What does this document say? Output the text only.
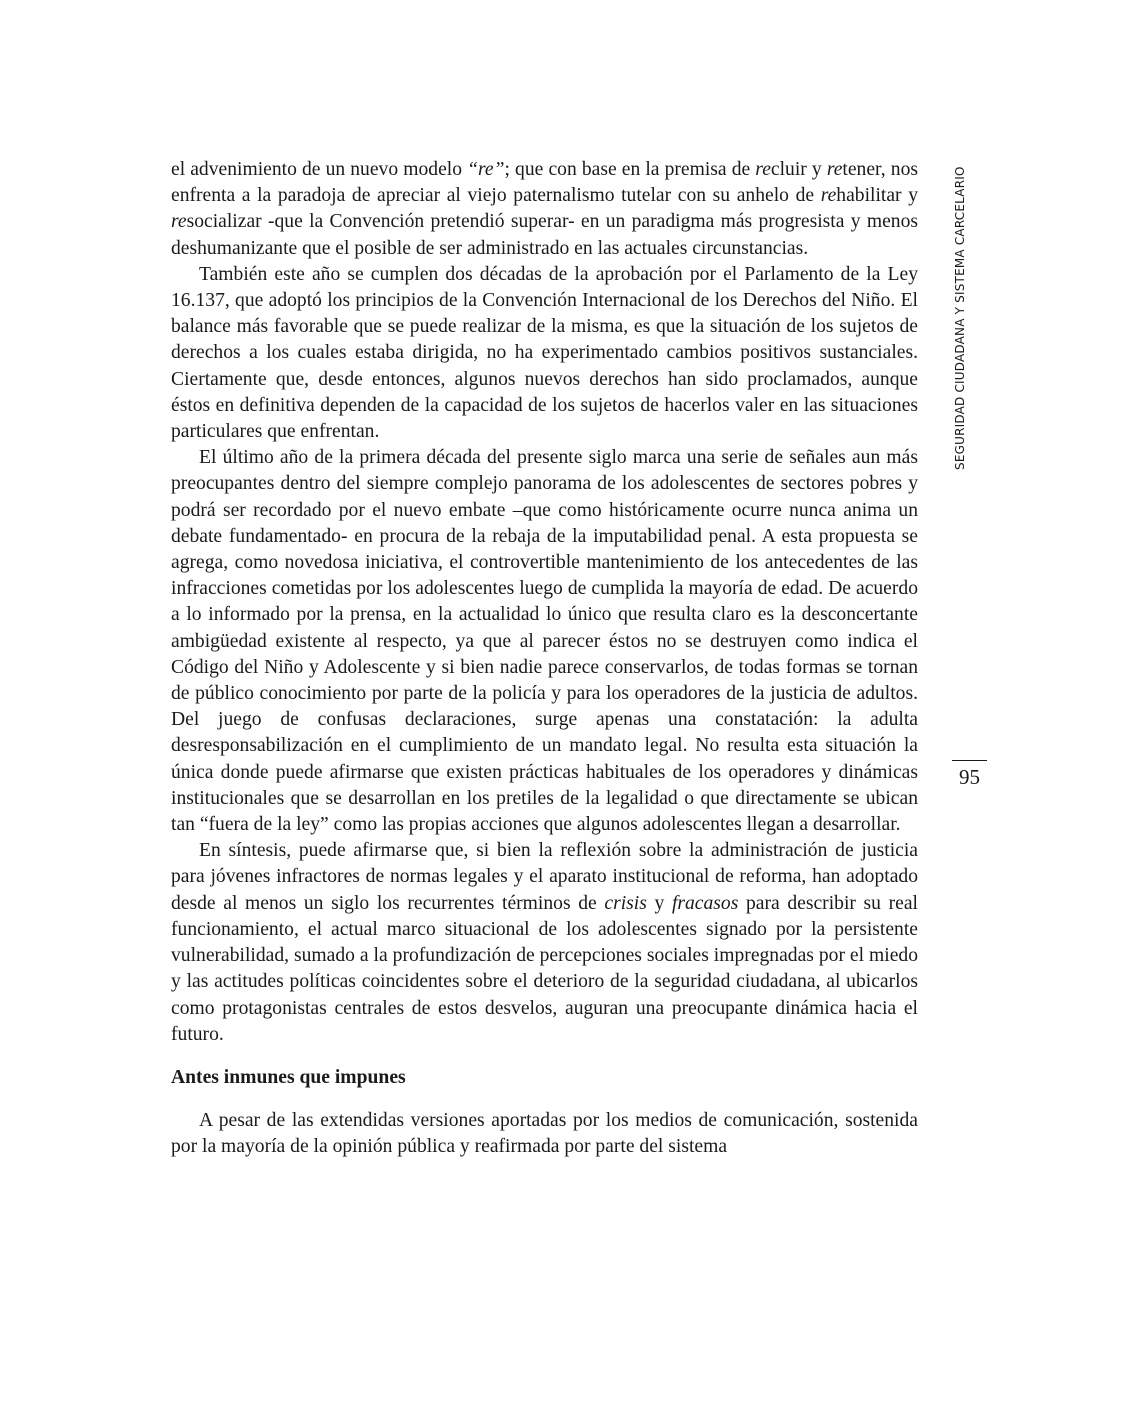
el advenimiento de un nuevo modelo “re”; que con base en la premisa de recluir y retener, nos enfrenta a la paradoja de apreciar al viejo paternalismo tutelar con su anhelo de rehabilitar y resocializar -que la Convención pretendió superar- en un paradigma más progresista y menos deshumanizante que el posible de ser administrado en las actuales circunstancias.

También este año se cumplen dos décadas de la aprobación por el Parlamento de la Ley 16.137, que adoptó los principios de la Convención Internacional de los Derechos del Niño. El balance más favorable que se puede realizar de la misma, es que la situación de los sujetos de derechos a los cuales estaba dirigida, no ha experimentado cambios positivos sustanciales. Ciertamente que, desde entonces, algunos nuevos derechos han sido proclamados, aunque éstos en definitiva dependen de la capacidad de los sujetos de hacerlos valer en las situaciones particulares que enfrentan.

El último año de la primera década del presente siglo marca una serie de señales aun más preocupantes dentro del siempre complejo panorama de los adolescentes de sectores pobres y podrá ser recordado por el nuevo embate –que como históricamente ocurre nunca anima un debate fundamentado- en procura de la rebaja de la imputabilidad penal. A esta propuesta se agrega, como novedosa iniciativa, el controvertible mantenimiento de los antecedentes de las infracciones cometidas por los adolescentes luego de cumplida la mayoría de edad. De acuerdo a lo informado por la prensa, en la actualidad lo único que resulta claro es la desconcertante ambigüedad existente al respecto, ya que al parecer éstos no se destruyen como indica el Código del Niño y Adolescente y si bien nadie parece conservarlos, de todas formas se tornan de público conocimiento por parte de la policía y para los operadores de la justicia de adultos. Del juego de confusas declaraciones, surge apenas una constatación: la adulta desresponsabilización en el cumplimiento de un mandato legal. No resulta esta situación la única donde puede afirmarse que existen prácticas habituales de los operadores y dinámicas institucionales que se desarrollan en los pretiles de la legalidad o que directamente se ubican tan “fuera de la ley” como las propias acciones que algunos adolescentes llegan a desarrollar.

En síntesis, puede afirmarse que, si bien la reflexión sobre la administración de justicia para jóvenes infractores de normas legales y el aparato institucional de reforma, han adoptado desde al menos un siglo los recurrentes términos de crisis y fracasos para describir su real funcionamiento, el actual marco situacional de los adolescentes signado por la persistente vulnerabilidad, sumado a la profundización de percepciones sociales impregnadas por el miedo y las actitudes políticas coincidentes sobre el deterioro de la seguridad ciudadana, al ubicarlos como protagonistas centrales de estos desvelos, auguran una preocupante dinámica hacia el futuro.

Antes inmunes que impunes

A pesar de las extendidas versiones aportadas por los medios de comunicación, sostenida por la mayoría de la opinión pública y reafirmada por parte del sistema

SEGURIDAD CIUDADANA Y SISTEMA CARCELARIO
95
